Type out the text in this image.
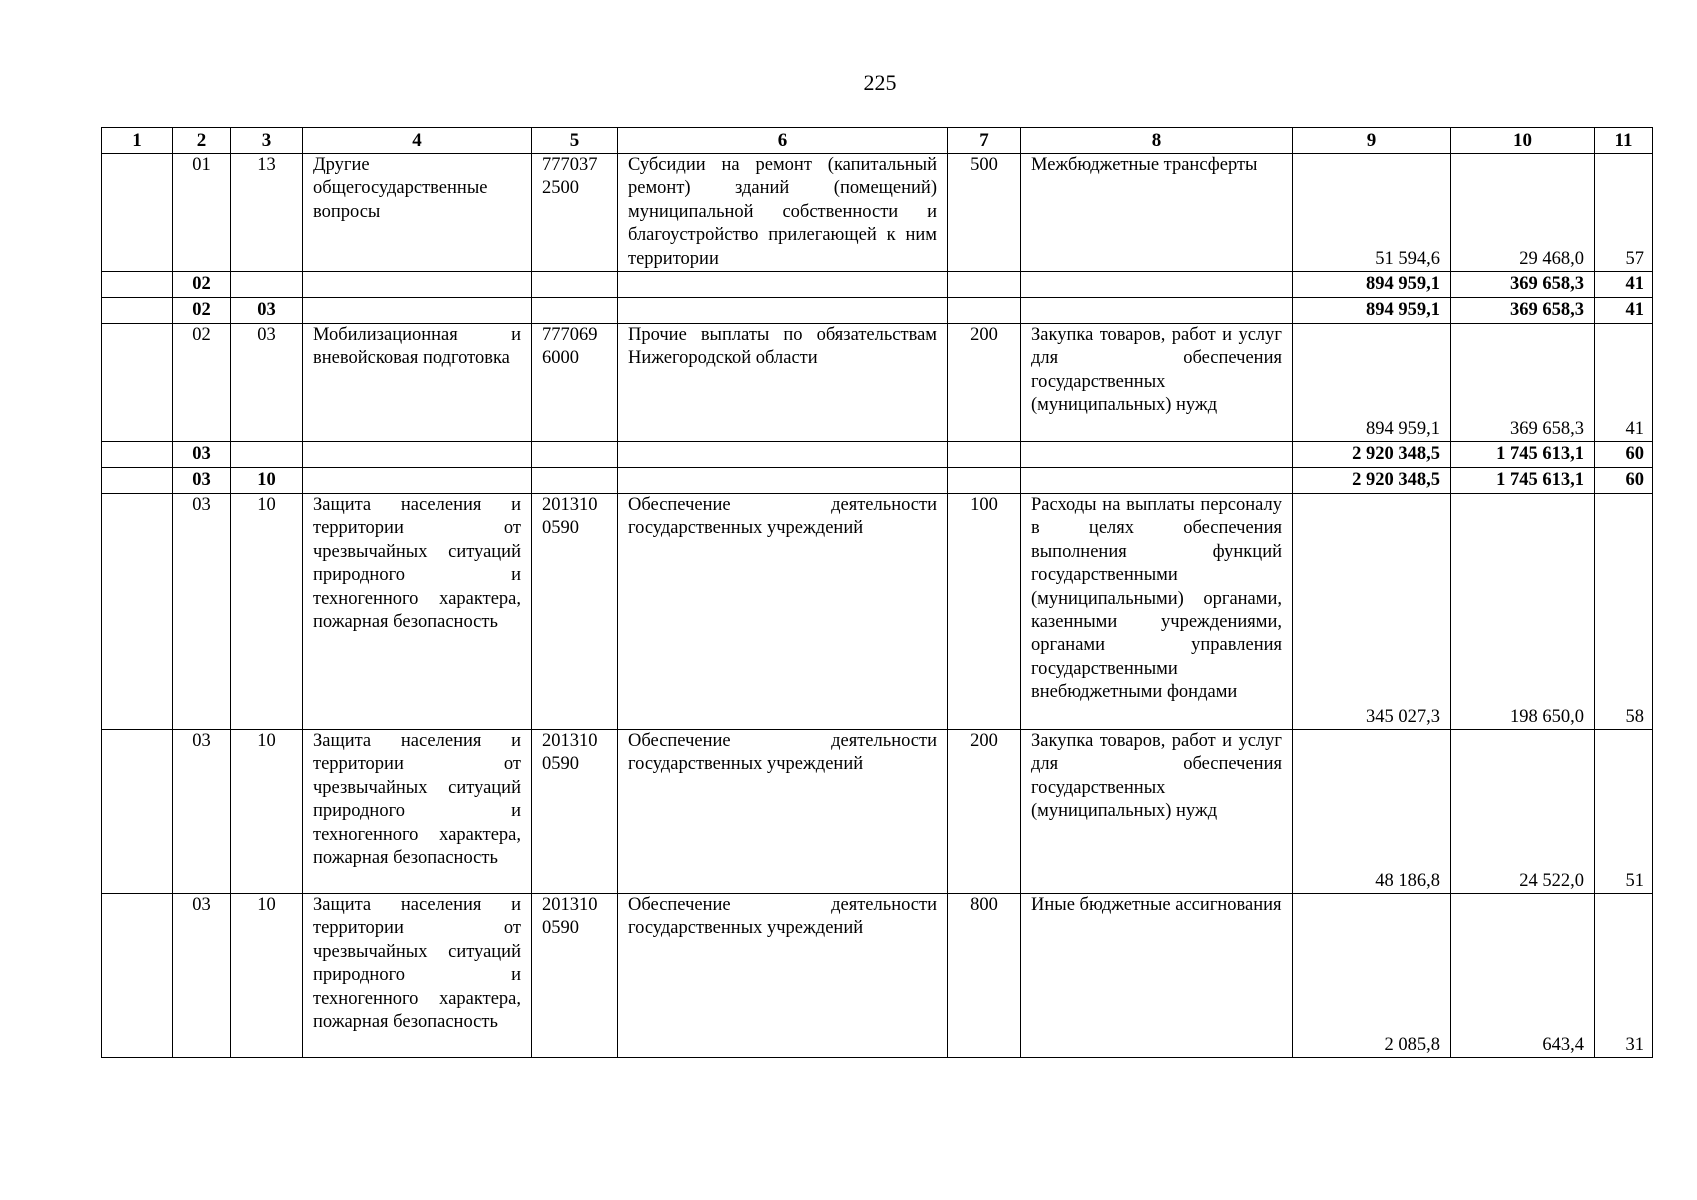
225
1	2	3	4	5	6	7	8	9	10	11
	01	13	Другие общегосударственные вопросы	777037 2500	Субсидии на ремонт (капитальный ремонт) зданий (помещений) муниципальной собственности и благоустройство прилегающей к ним территории	500	Межбюджетные трансферты	51 594,6	29 468,0	57
	02							894 959,1	369 658,3	41
	02	03						894 959,1	369 658,3	41
	02	03	Мобилизационная и вневойсковая подготовка	777069 6000	Прочие выплаты по обязательствам Нижегородской области	200	Закупка товаров, работ и услуг для обеспечения государственных (муниципальных) нужд	894 959,1	369 658,3	41
	03							2 920 348,5	1 745 613,1	60
	03	10						2 920 348,5	1 745 613,1	60
	03	10	Защита населения и территории от чрезвычайных ситуаций природного и техногенного характера, пожарная безопасность	201310 0590	Обеспечение деятельности государственных учреждений	100	Расходы на выплаты персоналу в целях обеспечения выполнения функций государственными (муниципальными) органами, казенными учреждениями, органами управления государственными внебюджетными фондами	345 027,3	198 650,0	58
	03	10	Защита населения и территории от чрезвычайных ситуаций природного и техногенного характера, пожарная безопасность	201310 0590	Обеспечение деятельности государственных учреждений	200	Закупка товаров, работ и услуг для обеспечения государственных (муниципальных) нужд	48 186,8	24 522,0	51
	03	10	Защита населения и территории от чрезвычайных ситуаций природного и техногенного характера, пожарная безопасность	201310 0590	Обеспечение деятельности государственных учреждений	800	Иные бюджетные ассигнования	2 085,8	643,4	31
